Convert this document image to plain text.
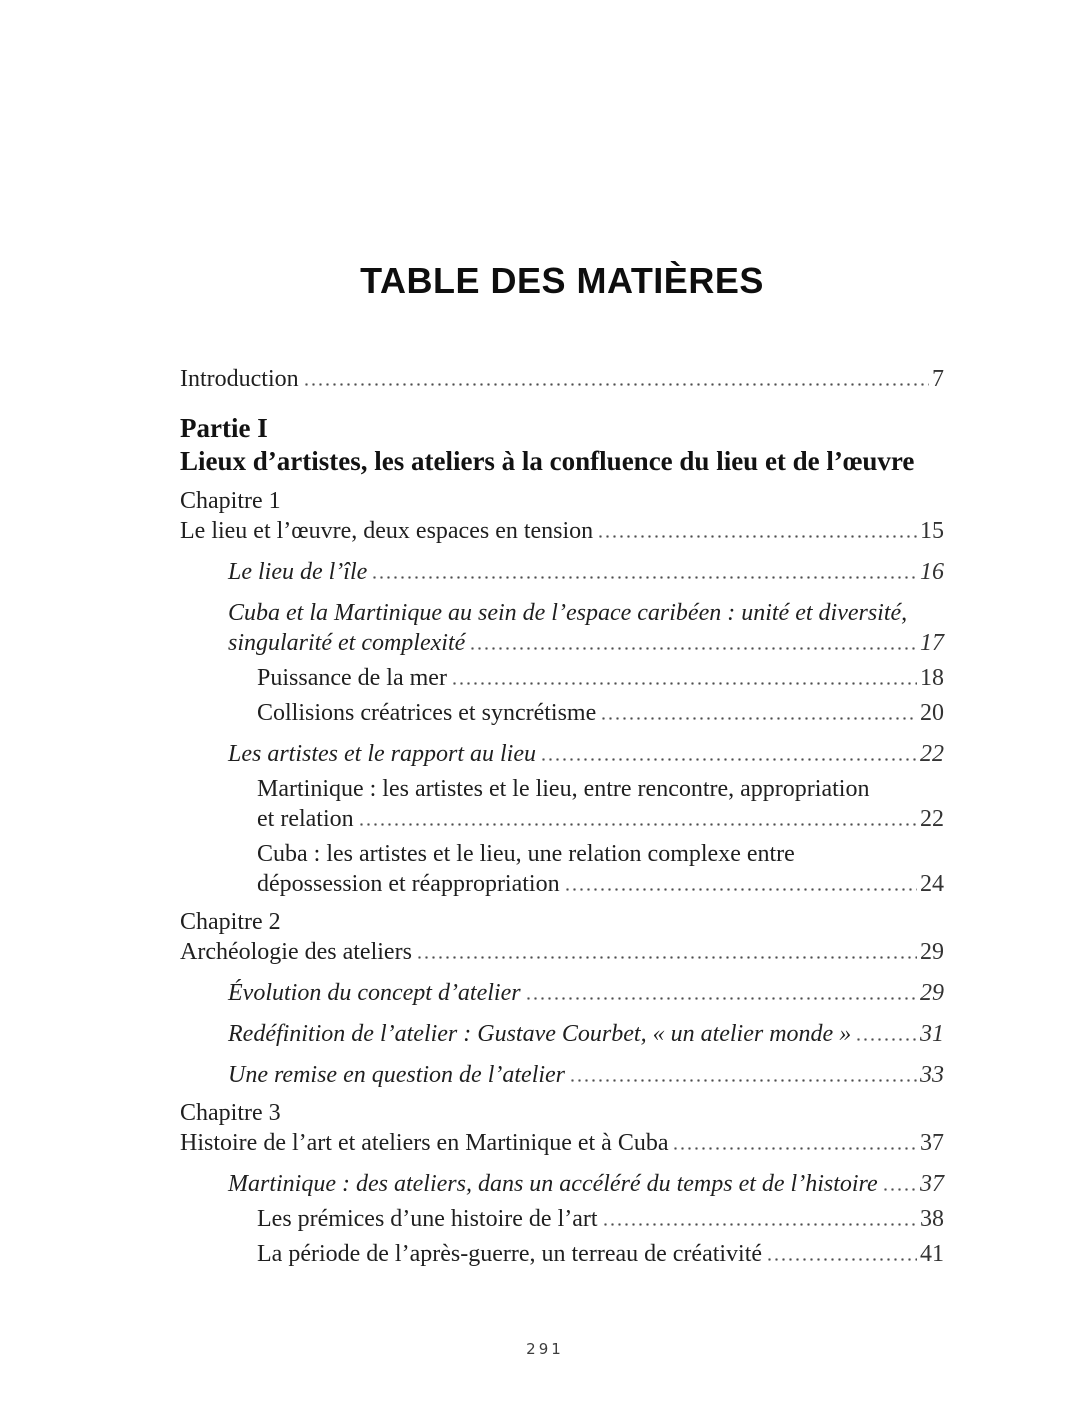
TABLE DES MATIÈRES
Introduction	7
Partie I
Lieux d’artistes, les ateliers à la confluence du lieu et de l’œuvre
Chapitre 1
Le lieu et l’œuvre, deux espaces en tension	15
Le lieu de l’île	16
Cuba et la Martinique au sein de l’espace caribéen : unité et diversité,
singularité et complexité	17
Puissance de la mer	18
Collisions créatrices et syncrétisme	20
Les artistes et le rapport au lieu	22
Martinique : les artistes et le lieu, entre rencontre, appropriation
et relation	22
Cuba : les artistes et le lieu, une relation complexe entre
dépossession et réappropriation	24
Chapitre 2
Archéologie des ateliers	29
Évolution du concept d’atelier	29
Redéfinition de l’atelier : Gustave Courbet, « un atelier monde »	31
Une remise en question de l’atelier	33
Chapitre 3
Histoire de l’art et ateliers en Martinique et à Cuba	37
Martinique : des ateliers, dans un accéléré du temps et de l’histoire 37
Les prémices d’une histoire de l’art	38
La période de l’après-guerre, un terreau de créativité	41
291
